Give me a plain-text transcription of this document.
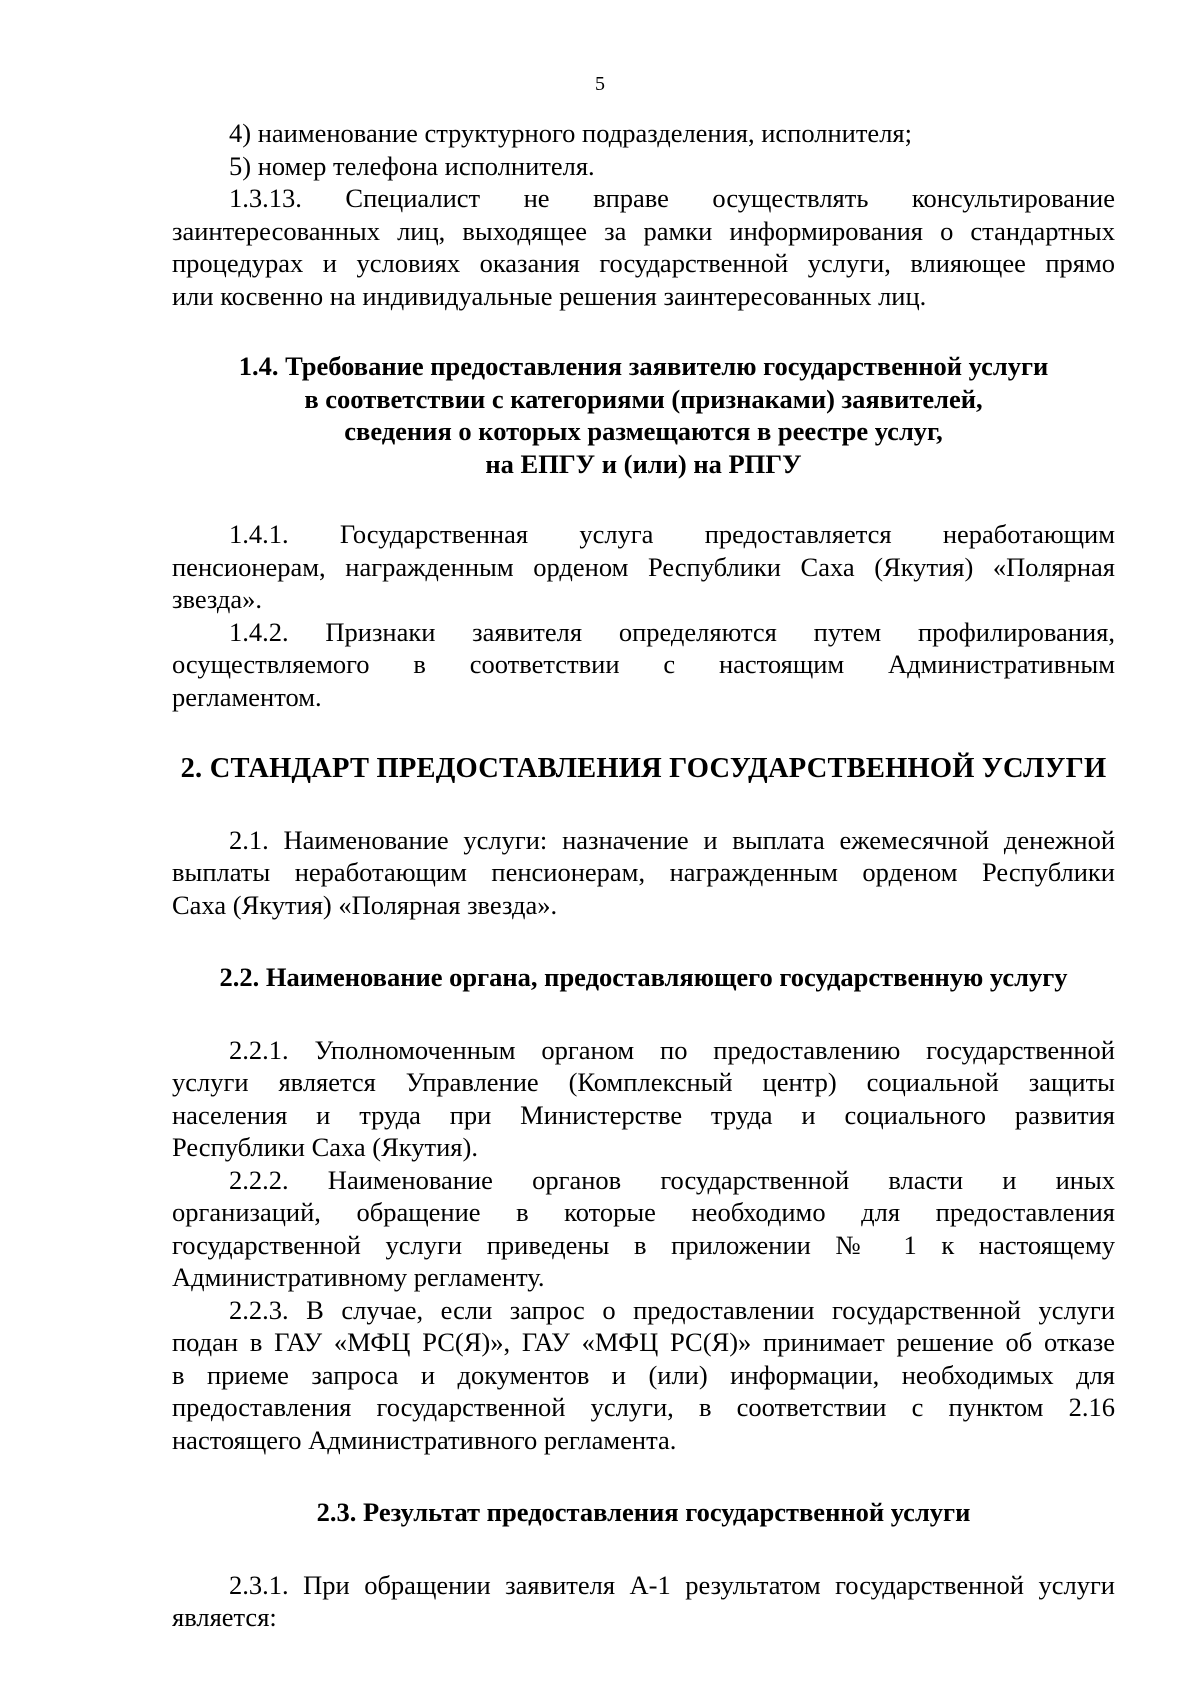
5

4) наименование структурного подразделения, исполнителя;

5) номер телефона исполнителя.

1.3.13. Специалист не вправе осуществлять консультирование
заинтересованных лиц, выходящее за рамки информирования о стандартных
процедурах и условиях оказания государственной услуги, влияющее прямо
или косвенно на индивидуальные решения заинтересованных лиц.
1.4. Требование предоставления заявителю государственной услуги
в соответствии с категориями (признаками) заявителей,
сведения о которых размещаются в реестре услуг,
на ЕПГУ и (или) на РПГУ
1.4.1. Государственная услуга предоставляется неработающим
пенсионерам, награжденным орденом Республики Саха (Якутия) «Полярная
звезда».
1.4.2. Признаки заявителя определяются путем профилирования,
осуществляемого в соответствии с настоящим Административным
регламентом.
2. СТАНДАРТ ПРЕДОСТАВЛЕНИЯ ГОСУДАРСТВЕННОЙ УСЛУГИ
2.1. Наименование услуги: назначение и выплата ежемесячной денежной
выплаты неработающим пенсионерам, награжденным орденом Республики
Саха (Якутия) «Полярная звезда».
2.2. Наименование органа, предоставляющего государственную услугу
2.2.1. Уполномоченным органом по предоставлению государственной
услуги является Управление (Комплексный центр) социальной защиты
населения и труда при Министерстве труда и социального развития
Республики Саха (Якутия).
2.2.2. Наименование органов государственной власти и иных
организаций, обращение в которые необходимо для предоставления
государственной услуги приведены в приложении № 1 к настоящему
Административному регламенту.
2.2.3. В случае, если запрос о предоставлении государственной услуги
подан в ГАУ «МФЦ РС(Я)», ГАУ «МФЦ РС(Я)» принимает решение об отказе
в приеме запроса и документов и (или) информации, необходимых для
предоставления государственной услуги, в соответствии с пунктом 2.16
настоящего Административного регламента.
2.3. Результат предоставления государственной услуги
2.3.1. При обращении заявителя А-1 результатом государственной услуги
является:
